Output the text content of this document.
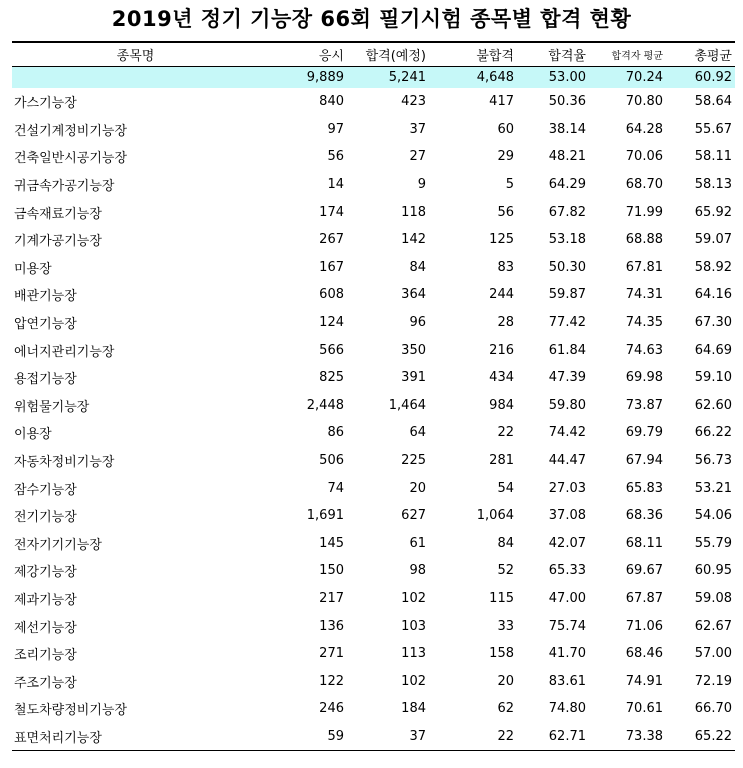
2019년 정기 기능장 66회 필기시험 종목별 합격 현황
종목명	응시	합격(예정)	불합격	합격율	합격자 평균	총평균
	9,889	5,241	4,648	53.00	70.24	60.92
가스기능장	840	423	417	50.36	70.80	58.64
건설기계정비기능장	97	37	60	38.14	64.28	55.67
건축일반시공기능장	56	27	29	48.21	70.06	58.11
귀금속가공기능장	14	9	5	64.29	68.70	58.13
금속재료기능장	174	118	56	67.82	71.99	65.92
기계가공기능장	267	142	125	53.18	68.88	59.07
미용장	167	84	83	50.30	67.81	58.92
배관기능장	608	364	244	59.87	74.31	64.16
압연기능장	124	96	28	77.42	74.35	67.30
에너지관리기능장	566	350	216	61.84	74.63	64.69
용접기능장	825	391	434	47.39	69.98	59.10
위험물기능장	2,448	1,464	984	59.80	73.87	62.60
이용장	86	64	22	74.42	69.79	66.22
자동차정비기능장	506	225	281	44.47	67.94	56.73
잠수기능장	74	20	54	27.03	65.83	53.21
전기기능장	1,691	627	1,064	37.08	68.36	54.06
전자기기기능장	145	61	84	42.07	68.11	55.79
제강기능장	150	98	52	65.33	69.67	60.95
제과기능장	217	102	115	47.00	67.87	59.08
제선기능장	136	103	33	75.74	71.06	62.67
조리기능장	271	113	158	41.70	68.46	57.00
주조기능장	122	102	20	83.61	74.91	72.19
철도차량정비기능장	246	184	62	74.80	70.61	66.70
표면처리기능장	59	37	22	62.71	73.38	65.22
